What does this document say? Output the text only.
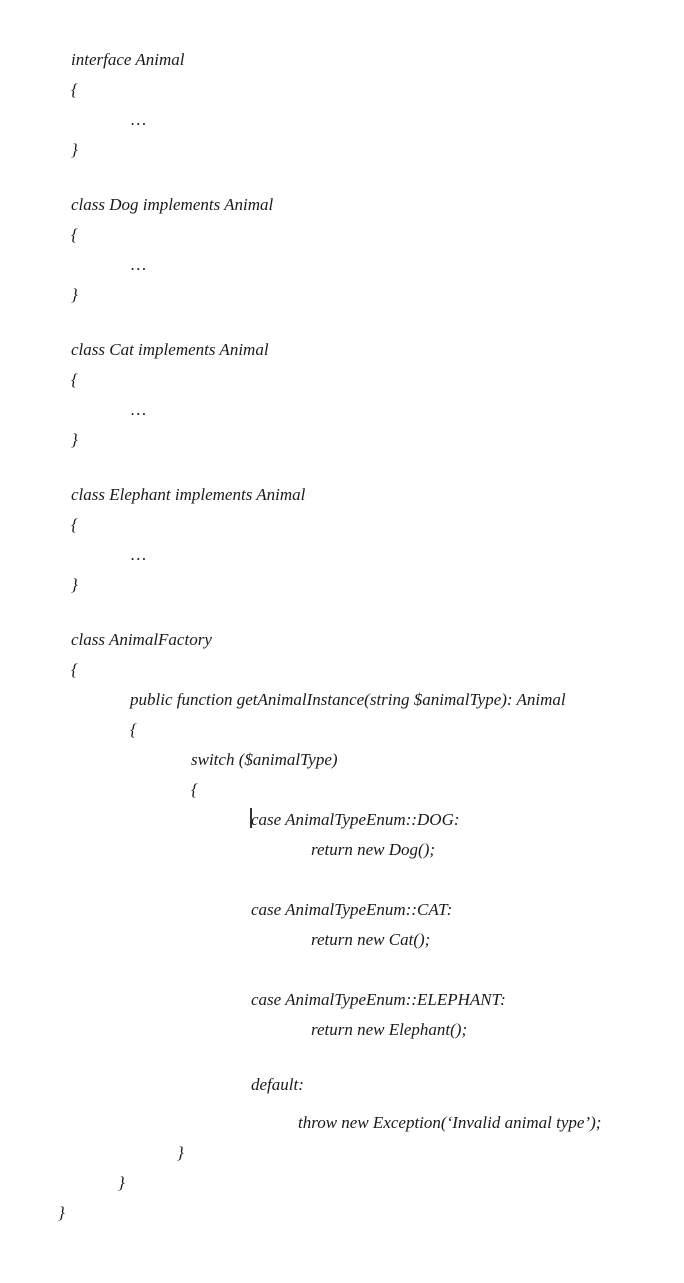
interface Animal
{
…
}
class Dog implements Animal
{
…
}
class Cat implements Animal
{
…
}
class Elephant implements Animal
{
…
}
class AnimalFactory
{
public function getAnimalInstance(string $animalType): Animal
{
switch ($animalType)
{
case AnimalTypeEnum::DOG:
return new Dog();
case AnimalTypeEnum::CAT:
return new Cat();
case AnimalTypeEnum::ELEPHANT:
return new Elephant();
default:
throw new Exception(‘Invalid animal type’);
}
}
}
